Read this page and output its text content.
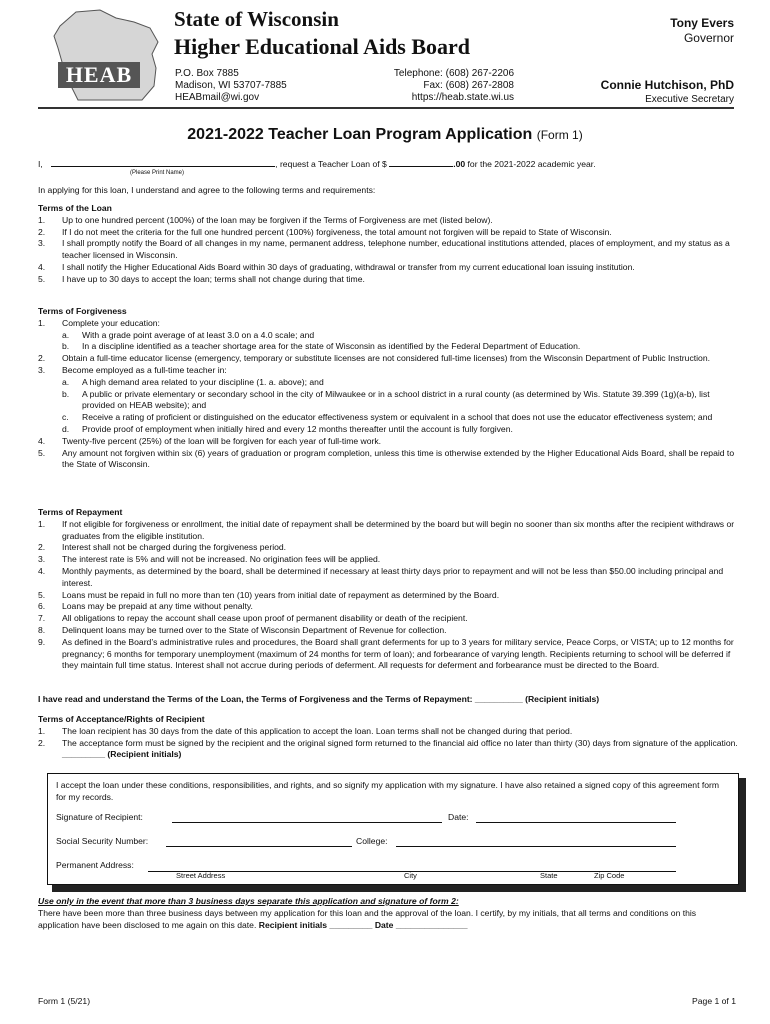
HEAB
State of Wisconsin
Higher Educational Aids Board
P.O. Box 7885
Madison, WI 53707-7885
HEABmail@wi.gov
Telephone: (608) 267-2206
Fax: (608) 267-2808
https://heab.state.wi.us
Tony Evers
Governor
Connie Hutchison, PhD
Executive Secretary
2021-2022 Teacher Loan Program Application (Form 1)
I,	, request a Teacher Loan of $	.00 for the 2021-2022 academic year.
(Please Print Name)
In applying for this loan, I understand and agree to the following terms and requirements:
Terms of the Loan
1. Up to one hundred percent (100%) of the loan may be forgiven if the Terms of Forgiveness are met (listed below).
2. If I do not meet the criteria for the full one hundred percent (100%) forgiveness, the total amount not forgiven will be repaid to State of Wisconsin.
3. I shall promptly notify the Board of all changes in my name, permanent address, telephone number, educational institutions attended, places of employment, and my status as a teacher licensed in Wisconsin.
4. I shall notify the Higher Educational Aids Board within 30 days of graduating, withdrawal or transfer from my current educational loan issuing institution.
5. I have up to 30 days to accept the loan; terms shall not change during that time.
Terms of Forgiveness
1. Complete your education:
a. With a grade point average of at least 3.0 on a 4.0 scale; and
b. In a discipline identified as a teacher shortage area for the state of Wisconsin as identified by the Federal Department of Education.
2. Obtain a full-time educator license (emergency, temporary or substitute licenses are not considered full-time licenses) from the Wisconsin Department of Public Instruction.
3. Become employed as a full-time teacher in:
a. A high demand area related to your discipline (1. a. above); and
b. A public or private elementary or secondary school in the city of Milwaukee or in a school district in a rural county (as determined by Wis. Statute 39.399 (1g)(a-b), list provided on HEAB website); and
c. Receive a rating of proficient or distinguished on the educator effectiveness system or equivalent in a school that does not use the educator effectiveness system; and
d. Provide proof of employment when initially hired and every 12 months thereafter until the account is fully forgiven.
4. Twenty-five percent (25%) of the loan will be forgiven for each year of full-time work.
5. Any amount not forgiven within six (6) years of graduation or program completion, unless this time is otherwise extended by the Higher Educational Aids Board, shall be repaid to the State of Wisconsin.
Terms of Repayment
1. If not eligible for forgiveness or enrollment, the initial date of repayment shall be determined by the board but will begin no sooner than six months after the recipient withdraws or graduates from the eligible institution.
2. Interest shall not be charged during the forgiveness period.
3. The interest rate is 5% and will not be increased. No origination fees will be applied.
4. Monthly payments, as determined by the board, shall be determined if necessary at least thirty days prior to repayment and will not be less than $50.00 including principal and interest.
5. Loans must be repaid in full no more than ten (10) years from initial date of repayment as determined by the Board.
6. Loans may be prepaid at any time without penalty.
7. All obligations to repay the account shall cease upon proof of permanent disability or death of the recipient.
8. Delinquent loans may be turned over to the State of Wisconsin Department of Revenue for collection.
9. As defined in the Board’s administrative rules and procedures, the Board shall grant deferments for up to 3 years for military service, Peace Corps, or VISTA; up to 12 months for pregnancy; 6 months for temporary unemployment (maximum of 24 months for term of loan); and forbearance of varying length. Recipients returning to school will be deferred if they maintain full time status. Interest shall not accrue during periods of deferment. All requests for deferment and forbearance must be directed to the Board.
I have read and understand the Terms of the Loan, the Terms of Forgiveness and the Terms of Repayment: __________ (Recipient initials)
Terms of Acceptance/Rights of Recipient
1. The loan recipient has 30 days from the date of this application to accept the loan. Loan terms shall not be changed during that period.
2. The acceptance form must be signed by the recipient and the original signed form returned to the financial aid office no later than thirty (30) days from signature of the application. _________ (Recipient initials)
I accept the loan under these conditions, responsibilities, and rights, and so signify my application with my signature. I have also retained a signed copy of this agreement form for my records.
Signature of Recipient:	Date:
Social Security Number:	College:
Permanent Address:
Street Address	City	State	Zip Code
Use only in the event that more than 3 business days separate this application and signature of form 2:
There have been more than three business days between my application for this loan and the approval of the loan. I certify, by my initials, that all terms and conditions on this application have been disclosed to me again on this date. Recipient initials _________ Date _______________
Form 1 (5/21)	Page 1 of 1
